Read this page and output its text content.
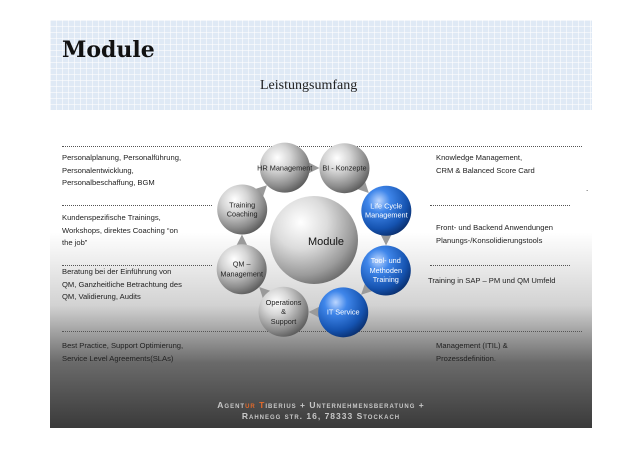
Module
Leistungsumfang
Personalplanung, Personalführung,
Personalentwicklung,
Personalbeschaffung, BGM
Kundenspezifische Trainings,
Workshops, direktes Coaching “on
the job”
Beratung bei der Einführung von
QM, Ganzheitliche Betrachtung des
QM, Validierung, Audits
Best Practice, Support Optimierung,
Service Level Agreements(SLAs)
Knowledge Management,
CRM & Balanced Score Card
Front- und Backend Anwendungen
Planungs-/Konsolidierungstools
Training in SAP – PM und QM Umfeld
Management (ITIL) &
Prozessdefinition.
.
Module
HR Management BI - Konzepte
Life Cycle
Management
Tool- und
Methoden
Training
IT Service
Operations
&
Support
QM –
Management
Training
Coaching
Agentur Tiberius + Unternehmensberatung +
Rahnegg str. 16, 78333 Stockach
